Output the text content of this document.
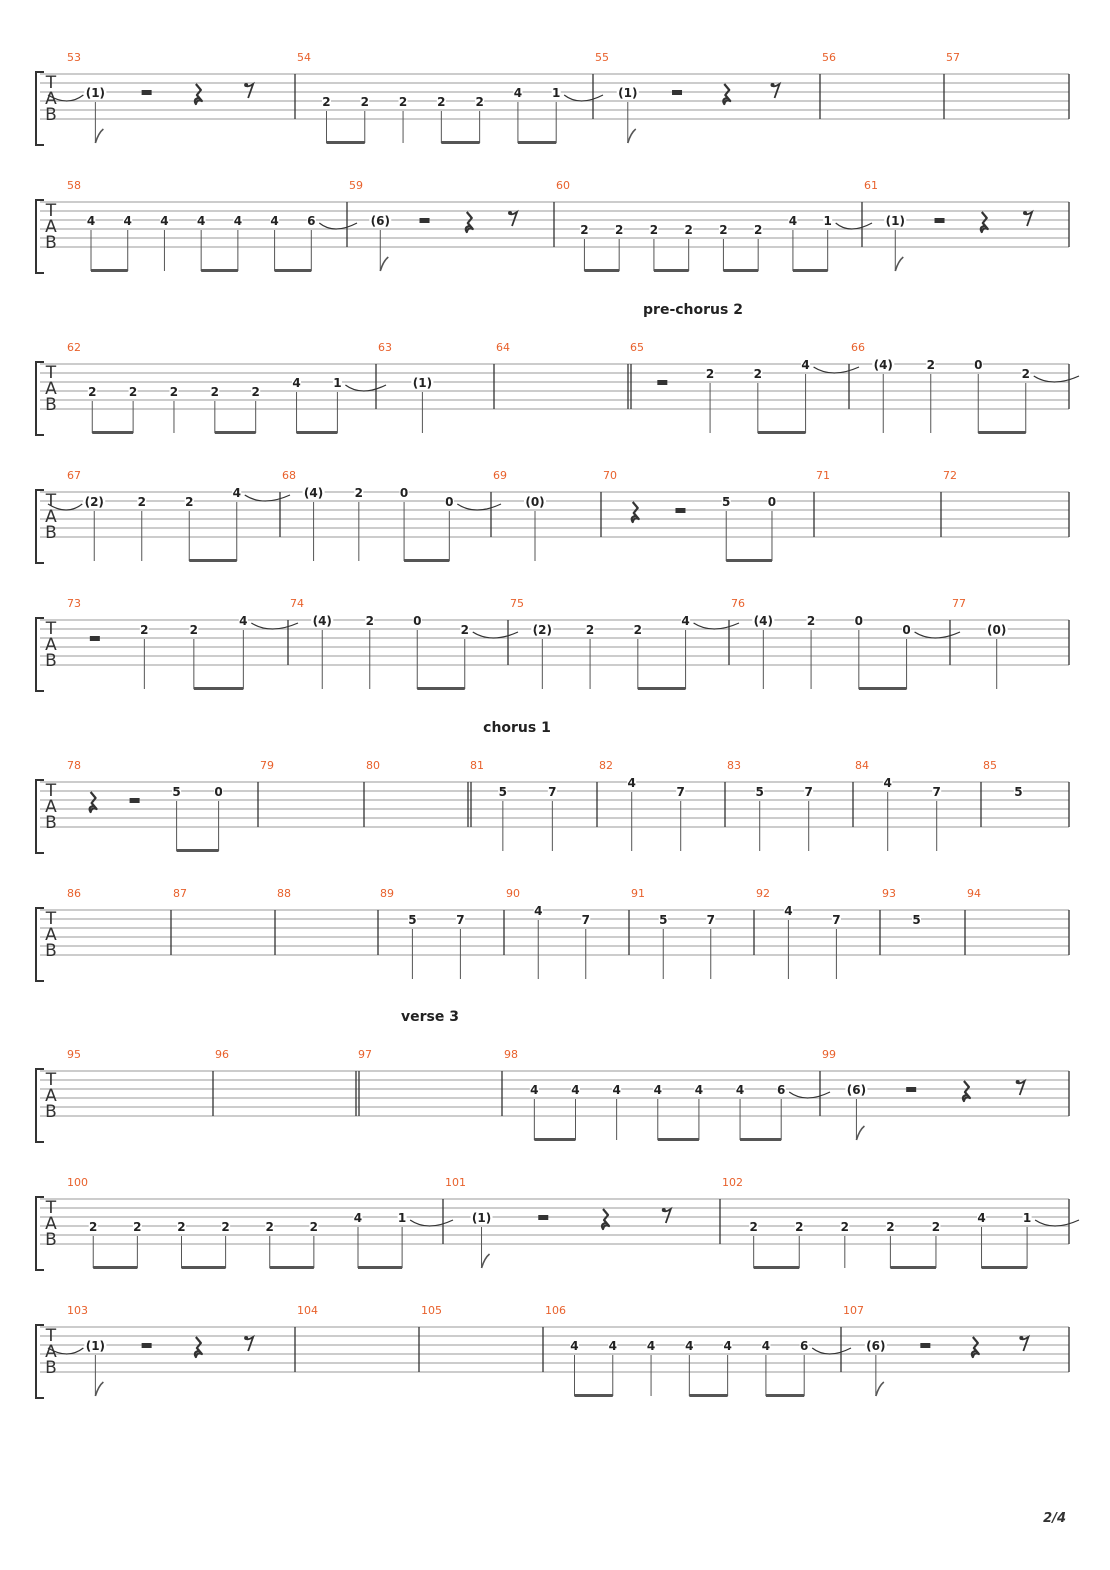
T
A
B
53
(1)
54
2 2 2 2 2
4 1
55
(1)
56	57
T
A
B
58
4 4 4 4 4 4 6
59
(6)
60
2 2 2 2 2 2
4 1
61
(1)
pre-chorus 2
T
A
B
62
2	2	2	2	2
4	1
63
(1)
64	65
2	2
4
66
(4)	2	0
2
T
A
B
67
(2)	2	2
4
68
(4)	2	0
0
69
(0)
70
5	0
71	72
T
A
B
73
2	2
4
74
(4)	2	0
2
75
(2)	2	2
4
76
(4)	2	0
0
77
(0)
chorus 1
T
A
B
78
5	0
79	80	81
5	7
82
4
7
83
5	7
84
4
7
85
5
T
A
B
86	87	88	89
5	7
90
4
7
91
5	7
92
4
7
93
5
94
verse 3
T
A
B
95	96	97	98
4	4	4	4	4	4	6
99
(6)
T
A
B
100
2	2	2	2	2	2
4	1
101
(1)
102
2	2	2	2	2
4	1
T
A
B
103
(1)
104	105	106
4 4 4 4 4 4 6
107
(6)
2/4
